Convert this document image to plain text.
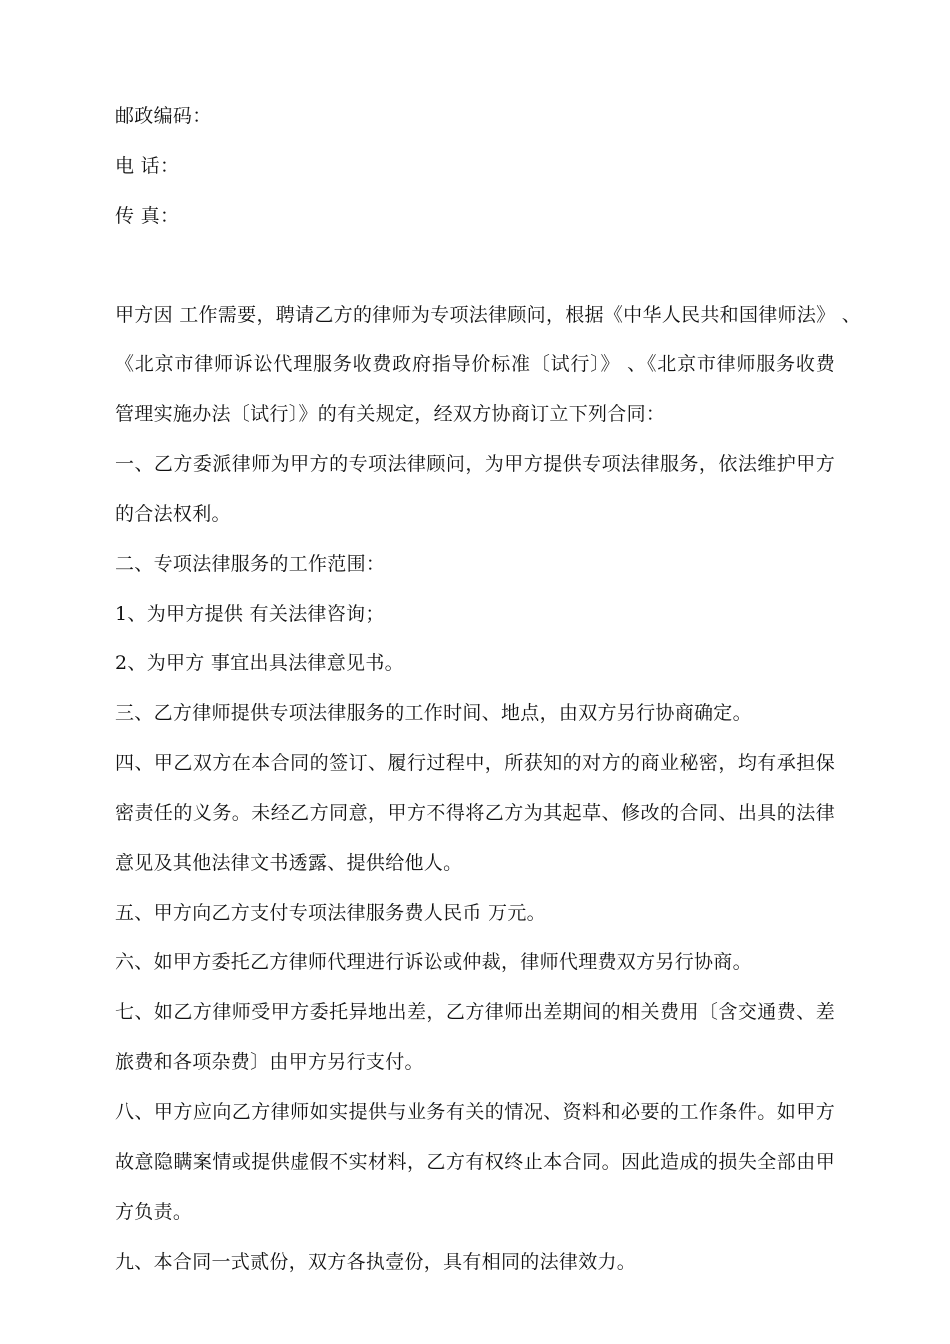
邮政编码：
电 话：
传 真：
甲方因 工作需要，聘请乙方的律师为专项法律顾问，根据《中华人民共和国律师法》 、
《北京市律师诉讼代理服务收费政府指导价标准〔试行〕》 、《北京市律师服务收费
管理实施办法〔试行〕》的有关规定，经双方协商订立下列合同：
一、乙方委派律师为甲方的专项法律顾问，为甲方提供专项法律服务，依法维护甲方
的合法权利。
二、专项法律服务的工作范围：
1、为甲方提供 有关法律咨询；
2、为甲方 事宜出具法律意见书。
三、乙方律师提供专项法律服务的工作时间、地点，由双方另行协商确定。
四、甲乙双方在本合同的签订、履行过程中，所获知的对方的商业秘密，均有承担保
密责任的义务。未经乙方同意，甲方不得将乙方为其起草、修改的合同、出具的法律
意见及其他法律文书透露、提供给他人。
五、甲方向乙方支付专项法律服务费人民币 万元。
六、如甲方委托乙方律师代理进行诉讼或仲裁，律师代理费双方另行协商。
七、如乙方律师受甲方委托异地出差，乙方律师出差期间的相关费用〔含交通费、差
旅费和各项杂费〕由甲方另行支付。
八、甲方应向乙方律师如实提供与业务有关的情况、资料和必要的工作条件。如甲方
故意隐瞒案情或提供虚假不实材料，乙方有权终止本合同。因此造成的损失全部由甲
方负责。
九、本合同一式贰份，双方各执壹份，具有相同的法律效力。
